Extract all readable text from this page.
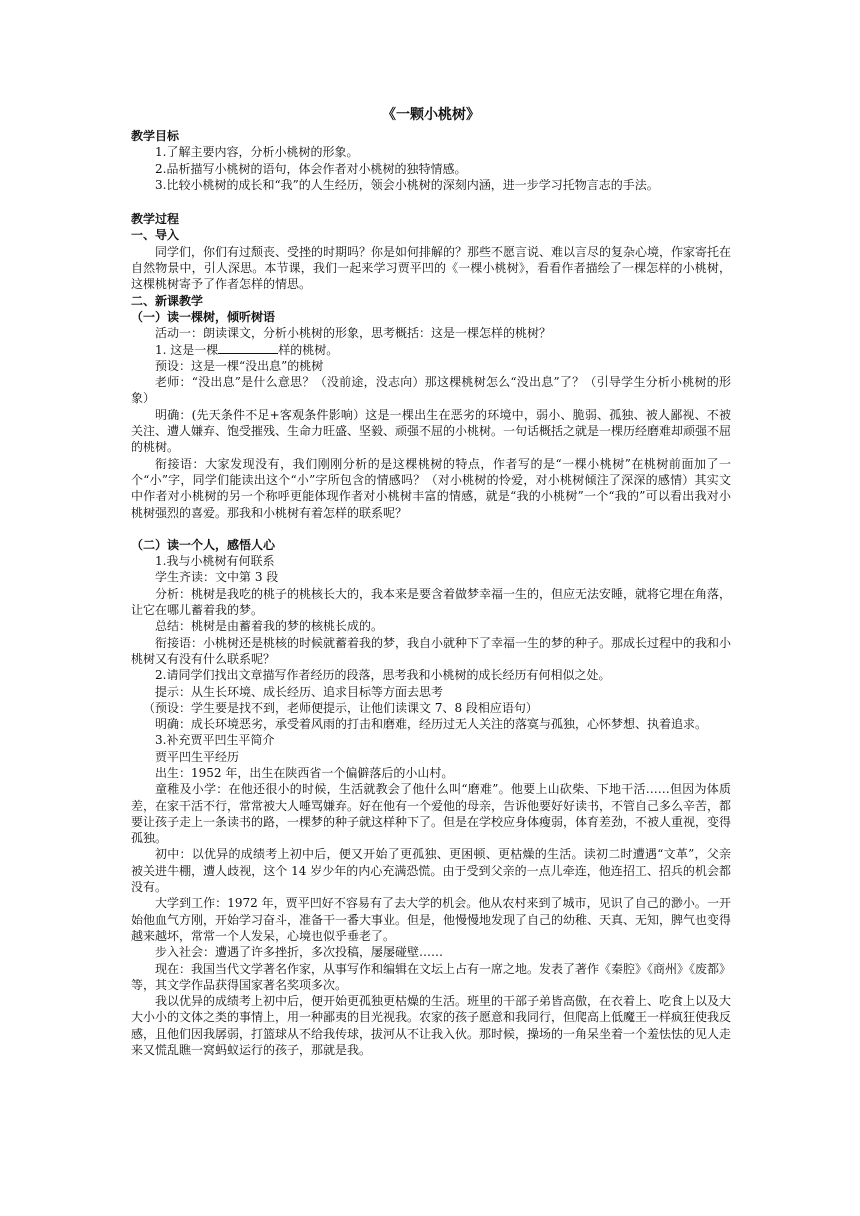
《一颗小桃树》

教学目标

1.了解主要内容，分析小桃树的形象。

2.品析描写小桃树的语句，体会作者对小桃树的独特情感。

3.比较小桃树的成长和“我”的人生经历，领会小桃树的深刻内涵，进一步学习托物言志的手法。

教学过程

一、导入

同学们，你们有过颓丧、受挫的时期吗？你是如何排解的？那些不愿言说、难以言尽的复杂心境，作家寄托在自然物景中，引人深思。本节课，我们一起来学习贾平凹的《一棵小桃树》，看看作者描绘了一棵怎样的小桃树，这棵桃树寄予了作者怎样的情思。

二、新课教学

（一）读一棵树，倾听树语

活动一：朗读课文，分析小桃树的形象，思考概括：这是一棵怎样的桃树？

1. 这是一棵	样的桃树。

预设：这是一棵“没出息”的桃树

老师：“没出息”是什么意思？（没前途，没志向）那这棵桃树怎么“没出息”了？（引导学生分析小桃树的形象）

明确：(先天条件不足+客观条件影响）这是一棵出生在恶劣的环境中，弱小、脆弱、孤独、被人鄙视、不被关注、遭人嫌弃、饱受摧残、生命力旺盛、坚毅、顽强不屈的小桃树。一句话概括之就是一棵历经磨难却顽强不屈的桃树。

衔接语：大家发现没有，我们刚刚分析的是这棵桃树的特点，作者写的是“一棵小桃树”在桃树前面加了一个“小”字，同学们能读出这个“小”字所包含的情感吗？（对小桃树的怜爱，对小桃树倾注了深深的感情）其实文中作者对小桃树的另一个称呼更能体现作者对小桃树丰富的情感，就是“我的小桃树”一个“我的”可以看出我对小桃树强烈的喜爱。那我和小桃树有着怎样的联系呢？

（二）读一个人，感悟人心

1.我与小桃树有何联系

学生齐读：文中第 3 段

分析：桃树是我吃的桃子的桃核长大的，我本来是要含着做梦幸福一生的，但应无法安睡，就将它埋在角落，让它在哪儿蓄着我的梦。

总结：桃树是由蓄着我的梦的核桃长成的。

衔接语：小桃树还是桃核的时候就蓄着我的梦，我自小就种下了幸福一生的梦的种子。那成长过程中的我和小桃树又有没有什么联系呢？

2.请同学们找出文章描写作者经历的段落，思考我和小桃树的成长经历有何相似之处。

提示：从生长环境、成长经历、追求目标等方面去思考

（预设：学生要是找不到，老师便提示，让他们读课文 7、8 段相应语句）

明确：成长环境恶劣，承受着风雨的打击和磨难，经历过无人关注的落寞与孤独，心怀梦想、执着追求。

3.补充贾平凹生平简介

贾平凹生平经历

出生：1952 年，出生在陕西省一个偏僻落后的小山村。

童稚及小学：在他还很小的时候，生活就教会了他什么叫“磨难”。他要上山砍柴、下地干活……但因为体质差，在家干活不行，常常被大人唾骂嫌弃。好在他有一个爱他的母亲，告诉他要好好读书，不管自己多么辛苦，都要让孩子走上一条读书的路，一棵梦的种子就这样种下了。但是在学校应身体瘦弱，体育差劲，不被人重视，变得孤独。

初中：以优异的成绩考上初中后，便又开始了更孤独、更困顿、更枯燥的生活。读初二时遭遇“文革”，父亲被关进牛棚，遭人歧视，这个 14 岁少年的内心充满恐慌。由于受到父亲的一点儿牵连，他连招工、招兵的机会都没有。

大学到工作：1972 年，贾平凹好不容易有了去大学的机会。他从农村来到了城市，见识了自己的渺小。一开始他血气方刚，开始学习奋斗，准备干一番大事业。但是，他慢慢地发现了自己的幼稚、天真、无知，脾气也变得越来越坏，常常一个人发呆，心境也似乎垂老了。

步入社会：遭遇了许多挫折，多次投稿，屡屡碰壁……

现在：我国当代文学著名作家，从事写作和编辑在文坛上占有一席之地。发表了著作《秦腔》《商州》《废都》等，其文学作品获得国家著名奖项多次。

我以优异的成绩考上初中后，便开始更孤独更枯燥的生活。班里的干部子弟皆高傲，在衣着上、吃食上以及大大小小的文体之类的事情上，用一种鄙夷的目光视我。农家的孩子愿意和我同行，但爬高上低魔王一样疯狂使我反感，且他们因我孱弱，打篮球从不给我传球，拔河从不让我入伙。那时候，操场的一角呆坐着一个羞怯怯的见人走来又慌乱瞧一窝蚂蚁运行的孩子，那就是我。
